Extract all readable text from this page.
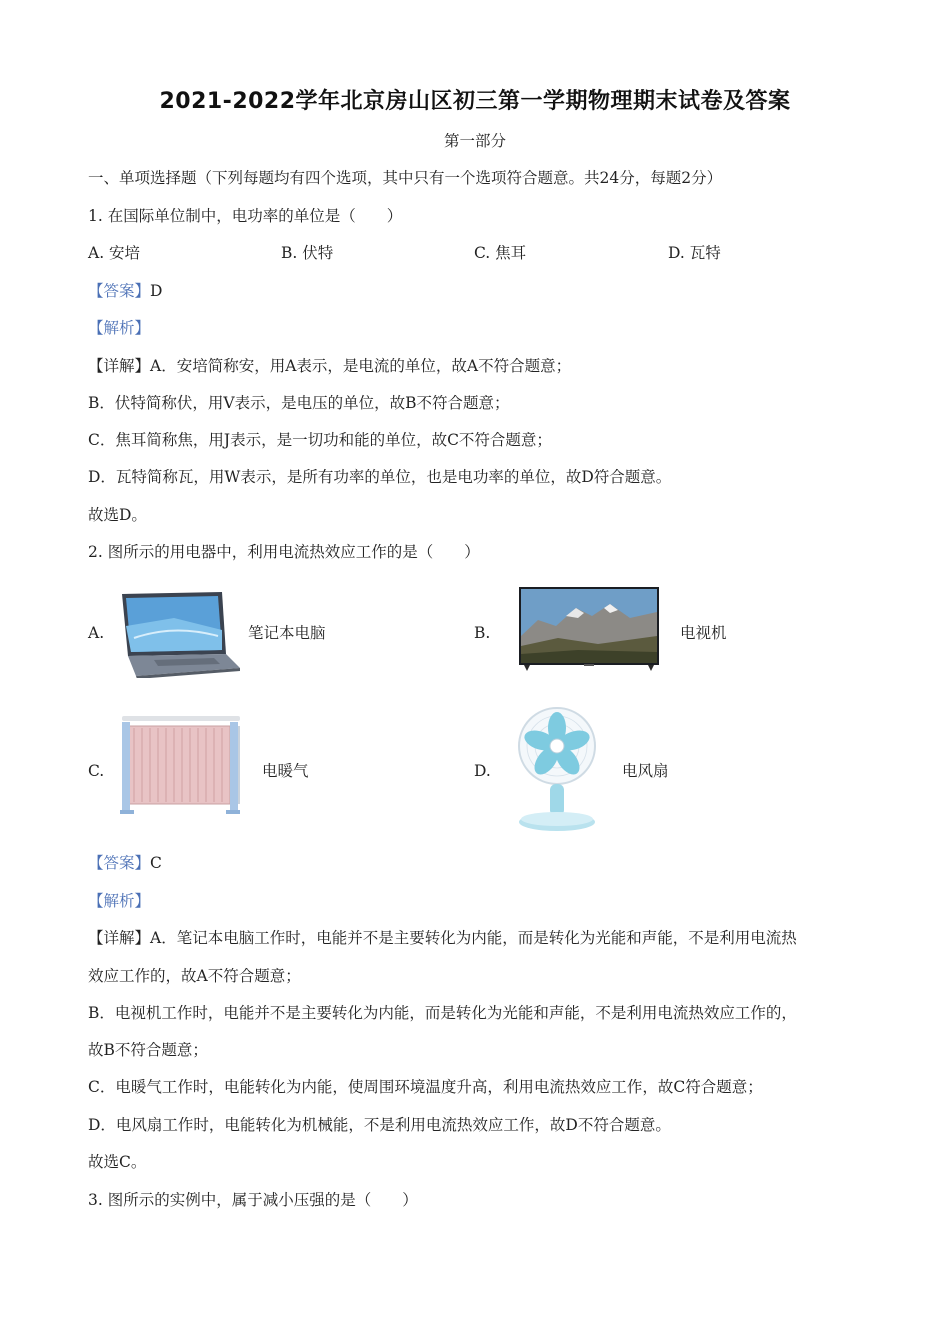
2021-2022学年北京房山区初三第一学期物理期末试卷及答案
第一部分
一、单项选择题（下列每题均有四个选项，其中只有一个选项符合题意。共24分，每题2分）
1. 在国际单位制中，电功率的单位是（　　）
A. 安培	B. 伏特	C. 焦耳	D. 瓦特
【答案】D
【解析】
【详解】A．安培简称安，用A表示，是电流的单位，故A不符合题意；
B．伏特简称伏，用V表示，是电压的单位，故B不符合题意；
C．焦耳简称焦，用J表示，是一切功和能的单位，故C不符合题意；
D．瓦特简称瓦，用W表示，是所有功率的单位，也是电功率的单位，故D符合题意。
故选D。
2. 图所示的用电器中，利用电流热效应工作的是（　　）
A.	笔记本电脑	B.	电视机
C.	电暖气	D.	电风扇
【答案】C
【解析】
【详解】A．笔记本电脑工作时，电能并不是主要转化为内能，而是转化为光能和声能，不是利用电流热
效应工作的，故A不符合题意；
B．电视机工作时，电能并不是主要转化为内能，而是转化为光能和声能，不是利用电流热效应工作的，
故B不符合题意；
C．电暖气工作时，电能转化为内能，使周围环境温度升高，利用电流热效应工作，故C符合题意；
D．电风扇工作时，电能转化为机械能，不是利用电流热效应工作，故D不符合题意。
故选C。
3. 图所示的实例中，属于减小压强的是（　　）
